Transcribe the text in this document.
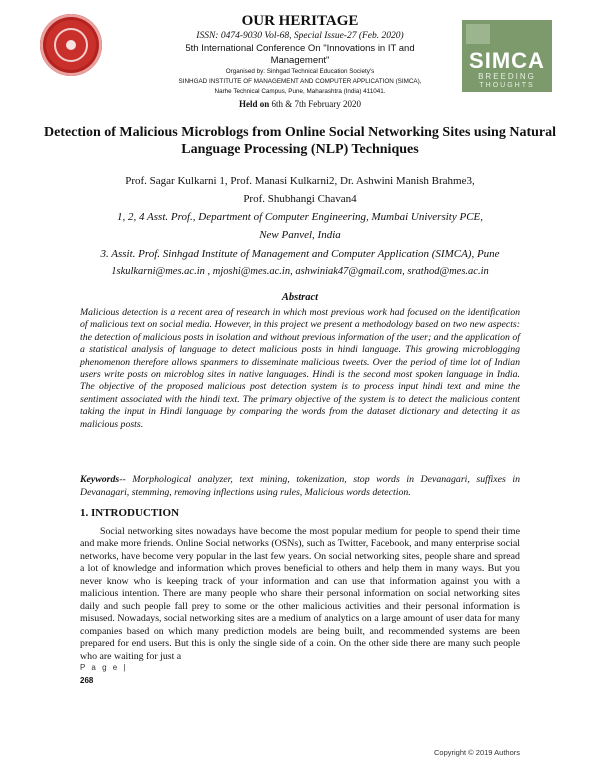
SIMCA
BREEDING
THOUGHTS
OUR HERITAGE
ISSN: 0474-9030 Vol-68, Special Issue-27 (Feb. 2020)
5th International Conference On "Innovations in IT and
Management"
Organised by: Sinhgad Technical Education Society's
SINHGAD INSTITUTE OF MANAGEMENT AND COMPUTER APPLICATION (SIMCA),
Narhe Technical Campus, Pune, Maharashtra (India) 411041.
Held on 6th & 7th February 2020
Detection of Malicious Microblogs from Online Social Networking Sites using Natural Language Processing (NLP) Techniques
Prof. Sagar Kulkarni 1, Prof. Manasi Kulkarni2, Dr. Ashwini Manish Brahme3,
Prof. Shubhangi Chavan4
1, 2, 4 Asst. Prof., Department of Computer Engineering, Mumbai University PCE,
New Panvel, India
3. Assit. Prof. Sinhgad Institute of Management and Computer Application (SIMCA), Pune
1skulkarni@mes.ac.in , mjoshi@mes.ac.in, ashwiniak47@gmail.com, srathod@mes.ac.in
Abstract
Malicious detection is a recent area of research in which most previous work had focused on the identification of malicious text on social media. However, in this project we present a methodology based on two new aspects: the detection of malicious posts in isolation and without previous information of the user; and the application of a statistical analysis of language to detect malicious posts in hindi language. This growing microblogging phenomenon therefore allows spanmers to disseminate malicious tweets. Over the period of time lot of Indian users write posts on microblog sites in native languages. Hindi is the second most spoken language in India. The objective of the proposed malicious post detection system is to process input hindi text and mine the sentiment associated with the hindi text. The primary objective of the system is to detect the malicious content taking the input in Hindi language by comparing the words from the dataset dictionary and detecting it as malicious posts.
Keywords-- Morphological analyzer, text mining, tokenization, stop words in Devanagari, suffixes in Devanagari, stemming, removing inflections using rules, Malicious words detection.
1. INTRODUCTION
Social networking sites nowadays have become the most popular medium for people to spend their time and make more friends. Online Social networks (OSNs), such as Twitter, Facebook, and many enterprise social networks, have become very popular in the last few years. On social networking sites, people share and spread a lot of knowledge and information which proves beneficial to others and help them in many ways. But you never know who is keeping track of your information and can use that information against you with a malicious intention. There are many people who share their personal information on social networking sites daily and such people fall prey to some or the other malicious activities and their personal information is misused. Nowadays, social networking sites are a medium of analytics on a large amount of user data for many companies based on which many prediction models are being built, and recommended systems are been prepared for end users. But this is only the single side of a coin. On the other side there are many such people who are waiting for just a
P a g e |
268
Copyright © 2019 Authors
